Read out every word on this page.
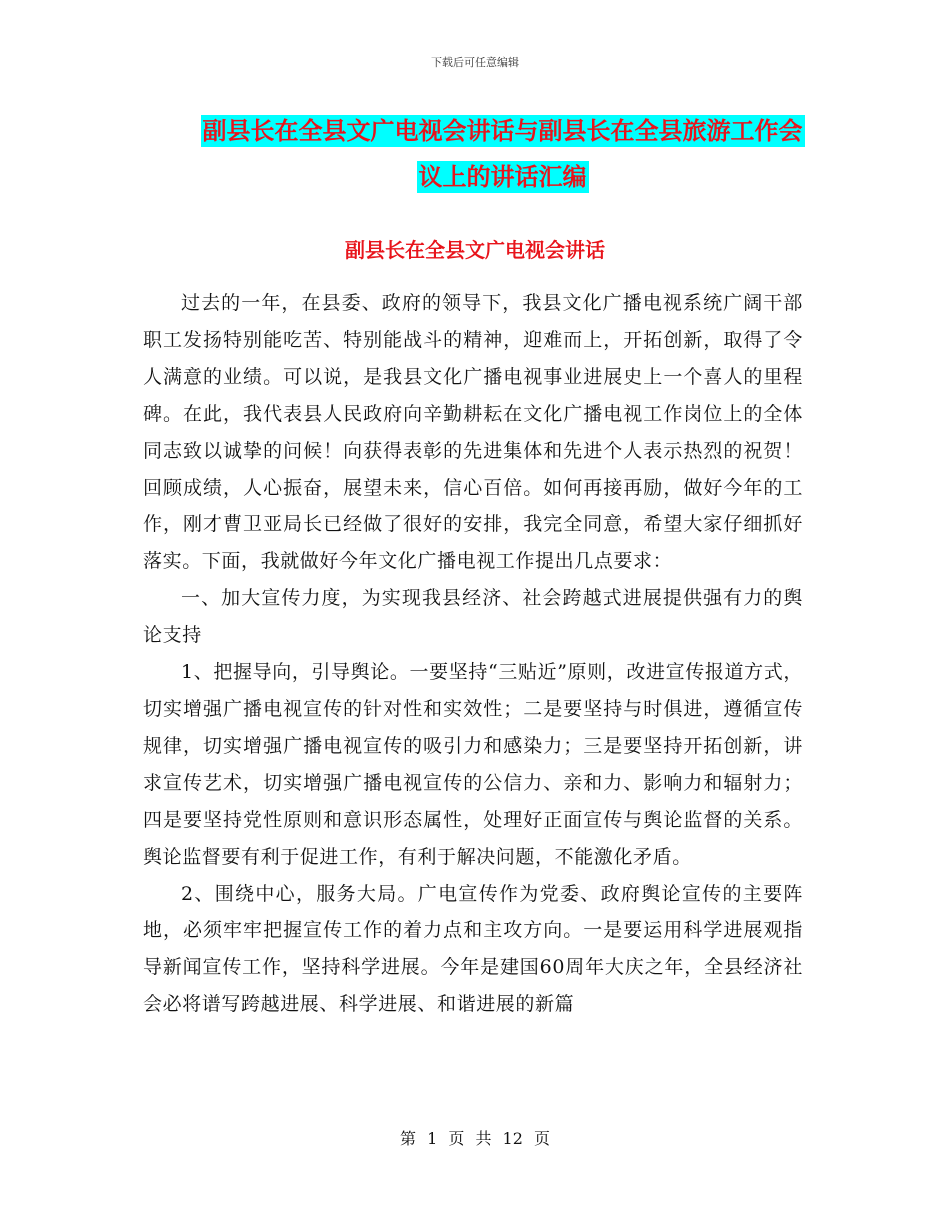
下载后可任意编辑
副县长在全县文广电视会讲话与副县长在全县旅游工作会议上的讲话汇编
副县长在全县文广电视会讲话

过去的一年，在县委、政府的领导下，我县文化广播电视系统广阔干部职工发扬特别能吃苦、特别能战斗的精神，迎难而上，开拓创新，取得了令人满意的业绩。可以说，是我县文化广播电视事业进展史上一个喜人的里程碑。在此，我代表县人民政府向辛勤耕耘在文化广播电视工作岗位上的全体同志致以诚挚的问候！向获得表彰的先进集体和先进个人表示热烈的祝贺！回顾成绩，人心振奋，展望未来，信心百倍。如何再接再励，做好今年的工作，刚才曹卫亚局长已经做了很好的安排，我完全同意，希望大家仔细抓好落实。下面，我就做好今年文化广播电视工作提出几点要求：

一、加大宣传力度，为实现我县经济、社会跨越式进展提供强有力的舆论支持

1、把握导向，引导舆论。一要坚持“三贴近”原则，改进宣传报道方式，切实增强广播电视宣传的针对性和实效性；二是要坚持与时俱进，遵循宣传规律，切实增强广播电视宣传的吸引力和感染力；三是要坚持开拓创新，讲求宣传艺术，切实增强广播电视宣传的公信力、亲和力、影响力和辐射力；四是要坚持党性原则和意识形态属性，处理好正面宣传与舆论监督的关系。舆论监督要有利于促进工作，有利于解决问题，不能激化矛盾。

2、围绕中心，服务大局。广电宣传作为党委、政府舆论宣传的主要阵地，必须牢牢把握宣传工作的着力点和主攻方向。一是要运用科学进展观指导新闻宣传工作，坚持科学进展。今年是建国60周年大庆之年，全县经济社会必将谱写跨越进展、科学进展、和谐进展的新篇

第 1 页 共 12 页
